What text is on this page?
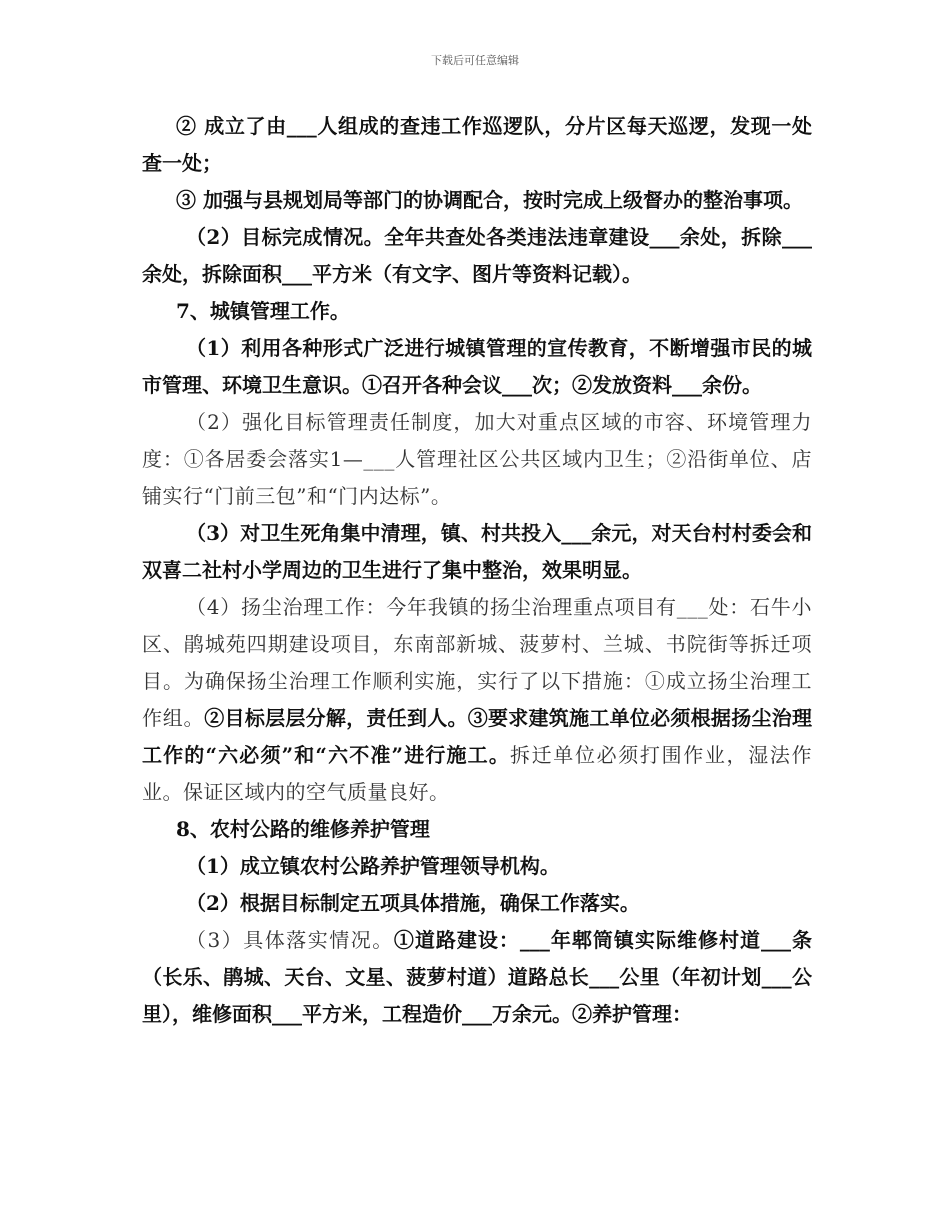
下载后可任意编辑

② 成立了由___人组成的查违工作巡逻队，分片区每天巡逻，发现一处查一处；

③ 加强与县规划局等部门的协调配合，按时完成上级督办的整治事项。

（2）目标完成情况。全年共查处各类违法违章建设___余处，拆除___余处，拆除面积___平方米（有文字、图片等资料记载）。

7、城镇管理工作。

（1）利用各种形式广泛进行城镇管理的宣传教育，不断增强市民的城市管理、环境卫生意识。①召开各种会议___次；②发放资料___余份。

（2）强化目标管理责任制度，加大对重点区域的市容、环境管理力度：①各居委会落实1—___人管理社区公共区域内卫生；②沿街单位、店铺实行“门前三包”和“门内达标”。

（3）对卫生死角集中清理，镇、村共投入___余元，对天台村村委会和双喜二社村小学周边的卫生进行了集中整治，效果明显。

（4）扬尘治理工作：今年我镇的扬尘治理重点项目有___处：石牛小区、鹃城苑四期建设项目，东南部新城、菠萝村、兰城、书院街等拆迁项目。为确保扬尘治理工作顺利实施，实行了以下措施：①成立扬尘治理工作组。②目标层层分解，责任到人。③要求建筑施工单位必须根据扬尘治理工作的“六必须”和“六不准”进行施工。拆迁单位必须打围作业，湿法作业。保证区域内的空气质量良好。

8、农村公路的维修养护管理

（1）成立镇农村公路养护管理领导机构。

（2）根据目标制定五项具体措施，确保工作落实。

（3）具体落实情况。①道路建设：___年郫筒镇实际维修村道___条（长乐、鹃城、天台、文星、菠萝村道）道路总长___公里（年初计划___公里），维修面积___平方米，工程造价___万余元。②养护管理：
